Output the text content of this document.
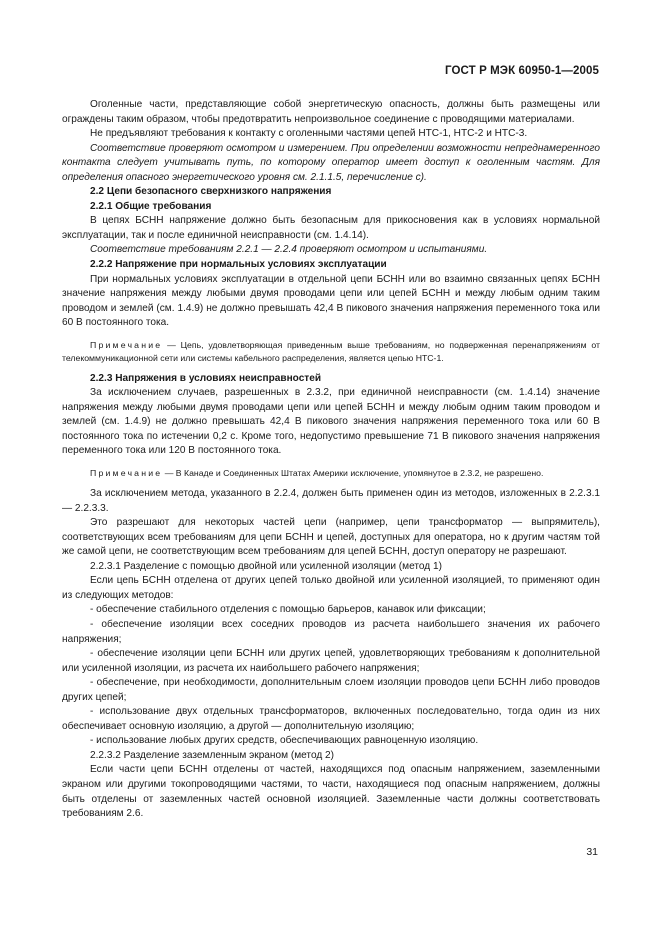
ГОСТ Р МЭК 60950-1—2005

Оголенные части, представляющие собой энергетическую опасность, должны быть размещены или ограждены таким образом, чтобы предотвратить непроизвольное соединение с проводящими материалами.

Не предъявляют требования к контакту с оголенными частями цепей НТС-1, НТС-2 и НТС-3.

Соответствие проверяют осмотром и измерением. При определении возможности непреднамеренного контакта следует учитывать путь, по которому оператор имеет доступ к оголенным частям. Для определения опасного энергетического уровня см. 2.1.1.5, перечисление с).

2.2 Цепи безопасного сверхнизкого напряжения

2.2.1 Общие требования

В цепях БСНН напряжение должно быть безопасным для прикосновения как в условиях нормальной эксплуатации, так и после единичной неисправности (см. 1.4.14).

Соответствие требованиям 2.2.1 — 2.2.4 проверяют осмотром и испытаниями.

2.2.2 Напряжение при нормальных условиях эксплуатации

При нормальных условиях эксплуатации в отдельной цепи БСНН или во взаимно связанных цепях БСНН значение напряжения между любыми двумя проводами цепи или цепей БСНН и между любым одним таким проводом и землей (см. 1.4.9) не должно превышать 42,4 В пикового значения напряжения переменного тока или 60 В постоянного тока.

Примечание — Цепь, удовлетворяющая приведенным выше требованиям, но подверженная перенапряжениям от телекоммуникационной сети или системы кабельного распределения, является цепью НТС-1.

2.2.3 Напряжения в условиях неисправностей

За исключением случаев, разрешенных в 2.3.2, при единичной неисправности (см. 1.4.14) значение напряжения между любыми двумя проводами цепи или цепей БСНН и между любым одним таким проводом и землей (см. 1.4.9) не должно превышать 42,4 В пикового значения напряжения переменного тока или 60 В постоянного тока по истечении 0,2 с. Кроме того, недопустимо превышение 71 В пикового значения напряжения переменного тока или 120 В постоянного тока.

Примечание — В Канаде и Соединенных Штатах Америки исключение, упомянутое в 2.3.2, не разрешено.

За исключением метода, указанного в 2.2.4, должен быть применен один из методов, изложенных в 2.2.3.1 — 2.2.3.3.

Это разрешают для некоторых частей цепи (например, цепи трансформатор — выпрямитель), соответствующих всем требованиям для цепи БСНН и цепей, доступных для оператора, но к другим частям той же самой цепи, не соответствующим всем требованиям для цепей БСНН, доступ оператору не разрешают.

2.2.3.1 Разделение с помощью двойной или усиленной изоляции (метод 1)

Если цепь БСНН отделена от других цепей только двойной или усиленной изоляцией, то применяют один из следующих методов:

- обеспечение стабильного отделения с помощью барьеров, канавок или фиксации;

- обеспечение изоляции всех соседних проводов из расчета наибольшего значения их рабочего напряжения;

- обеспечение изоляции цепи БСНН или других цепей, удовлетворяющих требованиям к дополнительной или усиленной изоляции, из расчета их наибольшего рабочего напряжения;

- обеспечение, при необходимости, дополнительным слоем изоляции проводов цепи БСНН либо проводов других цепей;

- использование двух отдельных трансформаторов, включенных последовательно, тогда один из них обеспечивает основную изоляцию, а другой — дополнительную изоляцию;

- использование любых других средств, обеспечивающих равноценную изоляцию.

2.2.3.2 Разделение заземленным экраном (метод 2)

Если части цепи БСНН отделены от частей, находящихся под опасным напряжением, заземленными экраном или другими токопроводящими частями, то части, находящиеся под опасным напряжением, должны быть отделены от заземленных частей основной изоляцией. Заземленные части должны соответствовать требованиям 2.6.

31
